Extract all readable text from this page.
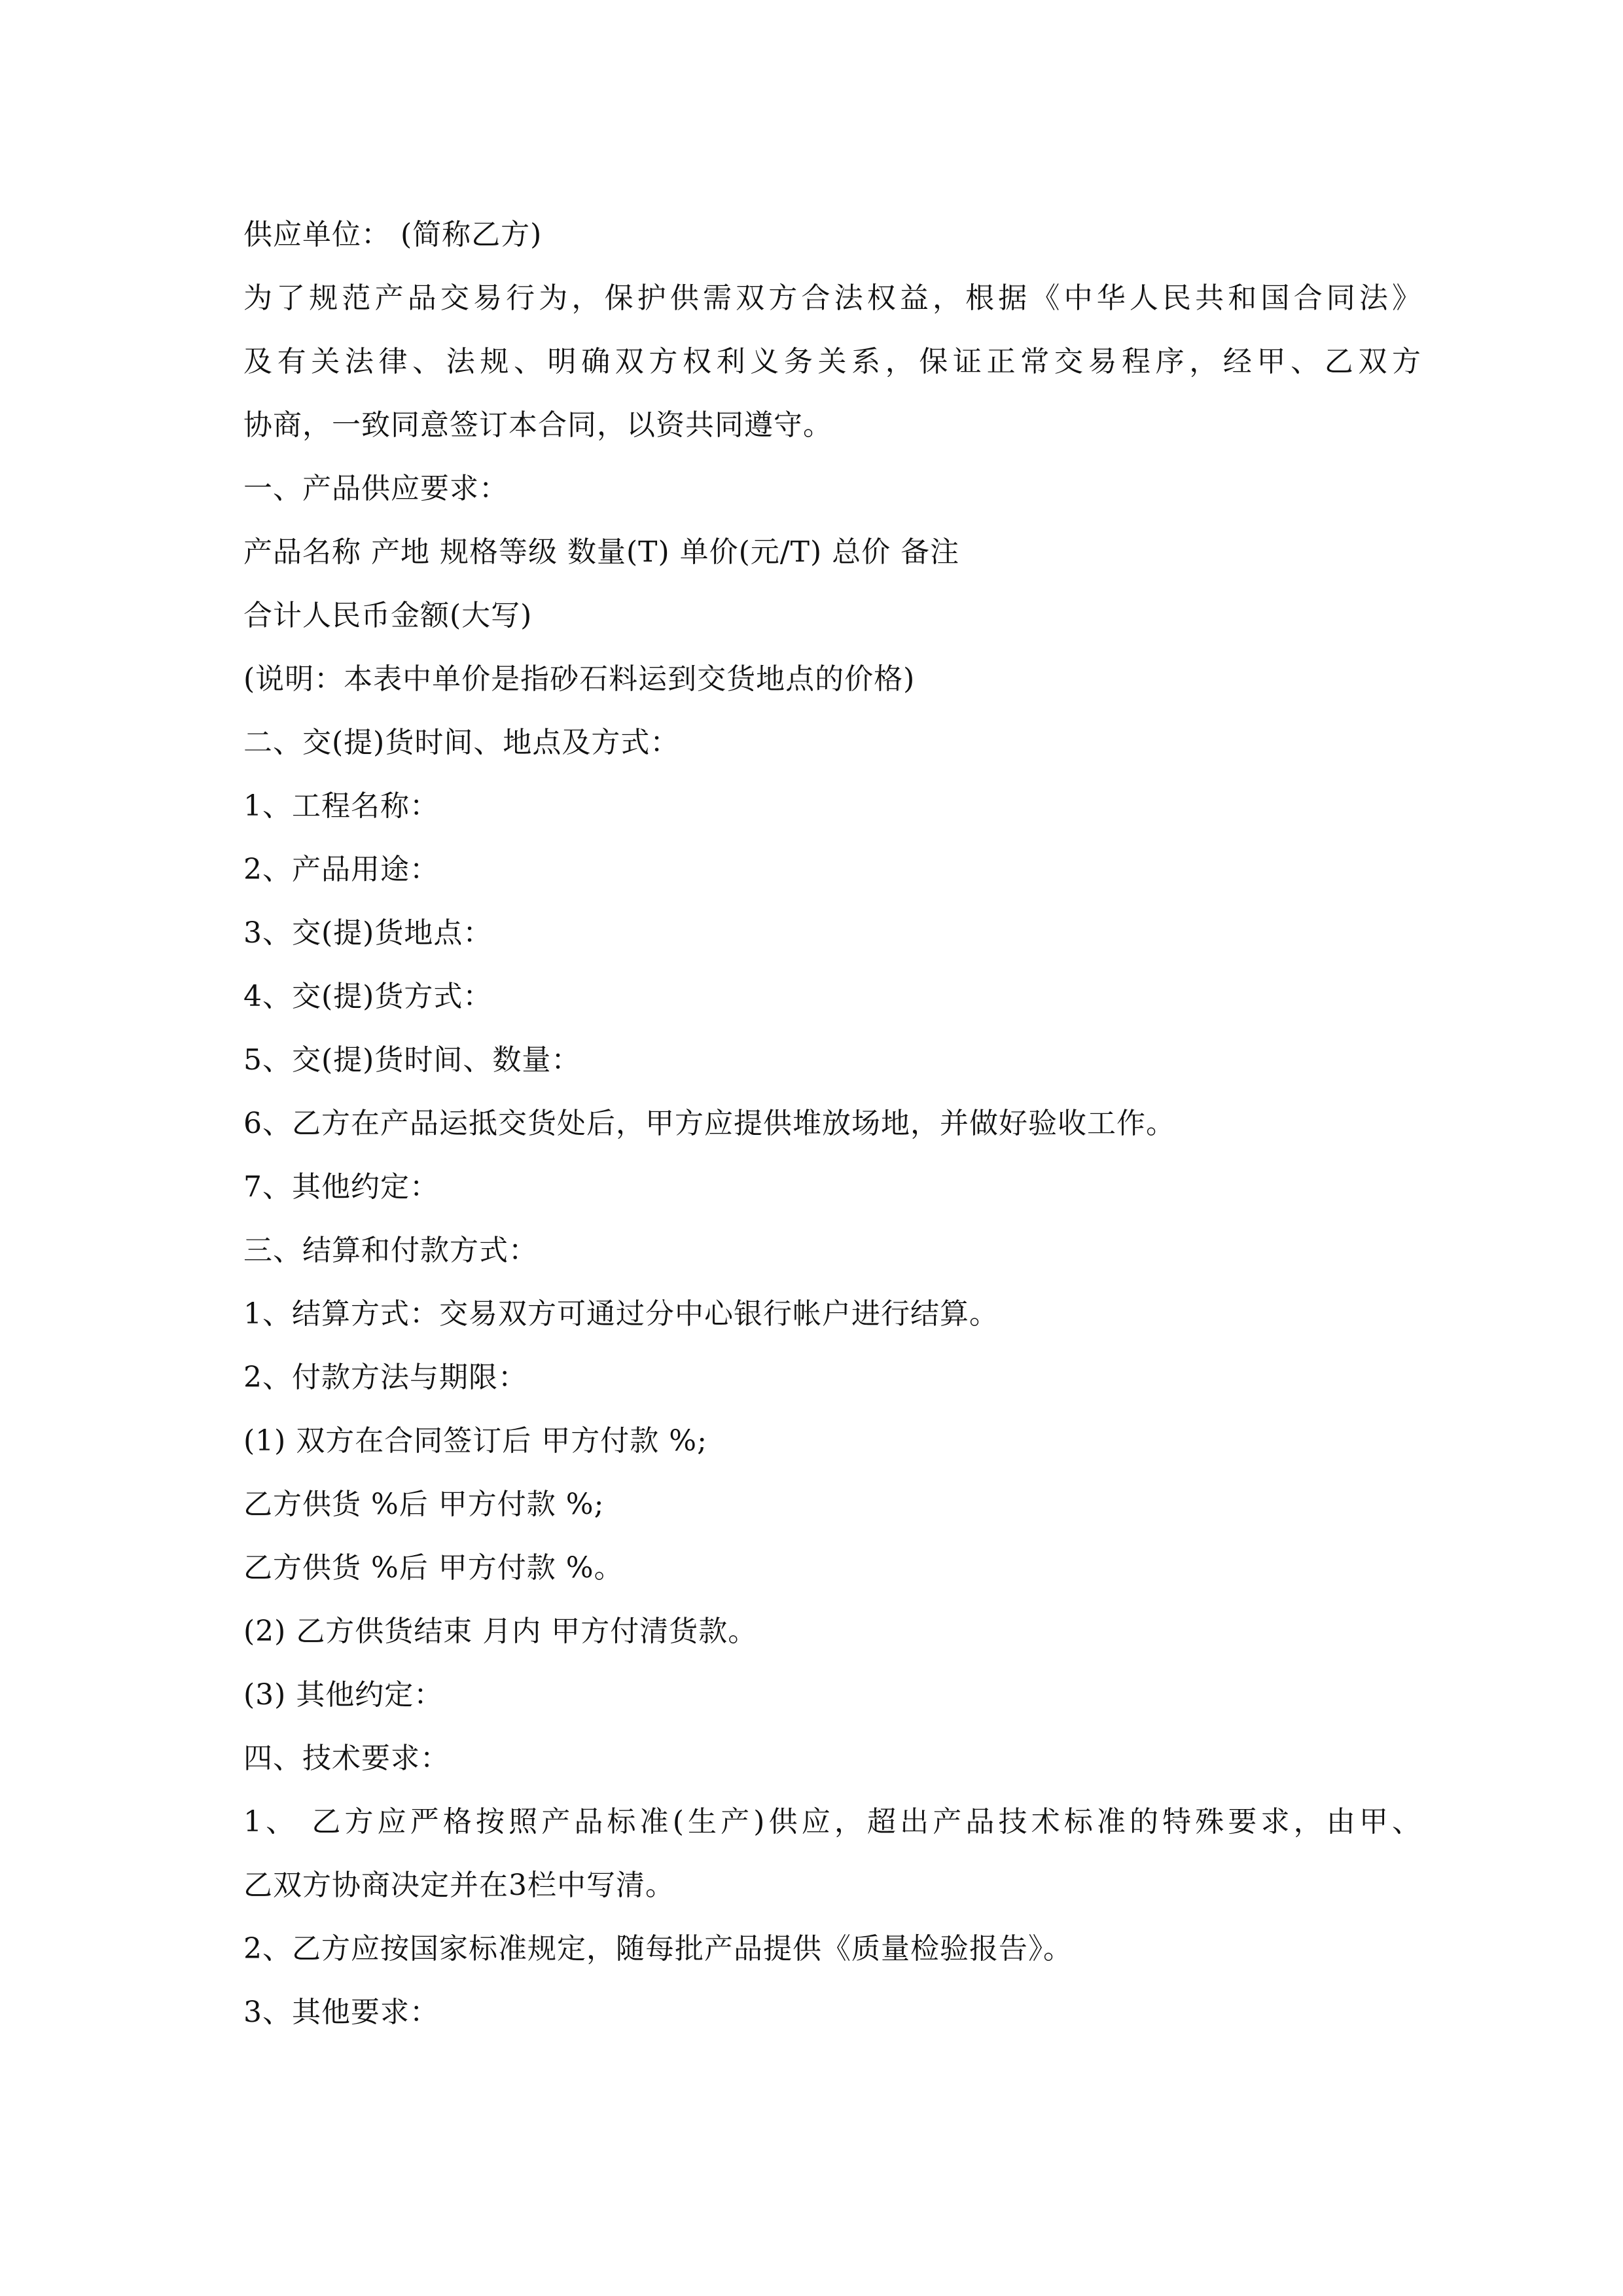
供应单位： (简称乙方)
为了规范产品交易行为，保护供需双方合法权益，根据《中华人民共和国合同法》
及有关法律、法规、明确双方权利义务关系，保证正常交易程序，经甲、乙双方
协商，一致同意签订本合同，以资共同遵守。
一、产品供应要求：
产品名称 产地 规格等级 数量(T) 单价(元/T) 总价 备注
合计人民币金额(大写)
(说明：本表中单价是指砂石料运到交货地点的价格)
二、交(提)货时间、地点及方式：
1、工程名称：
2、产品用途：
3、交(提)货地点：
4、交(提)货方式：
5、交(提)货时间、数量：
6、乙方在产品运抵交货处后，甲方应提供堆放场地，并做好验收工作。
7、其他约定：
三、结算和付款方式：
1、结算方式：交易双方可通过分中心银行帐户进行结算。
2、付款方法与期限：
(1) 双方在合同签订后 甲方付款 %;
乙方供货 %后 甲方付款 %;
乙方供货 %后 甲方付款 %。
(2) 乙方供货结束 月内 甲方付清货款。
(3) 其他约定：
四、技术要求：
1、 乙方应严格按照产品标准(生产)供应，超出产品技术标准的特殊要求，由甲、
乙双方协商决定并在3栏中写清。
2、乙方应按国家标准规定，随每批产品提供《质量检验报告》。
3、其他要求：
